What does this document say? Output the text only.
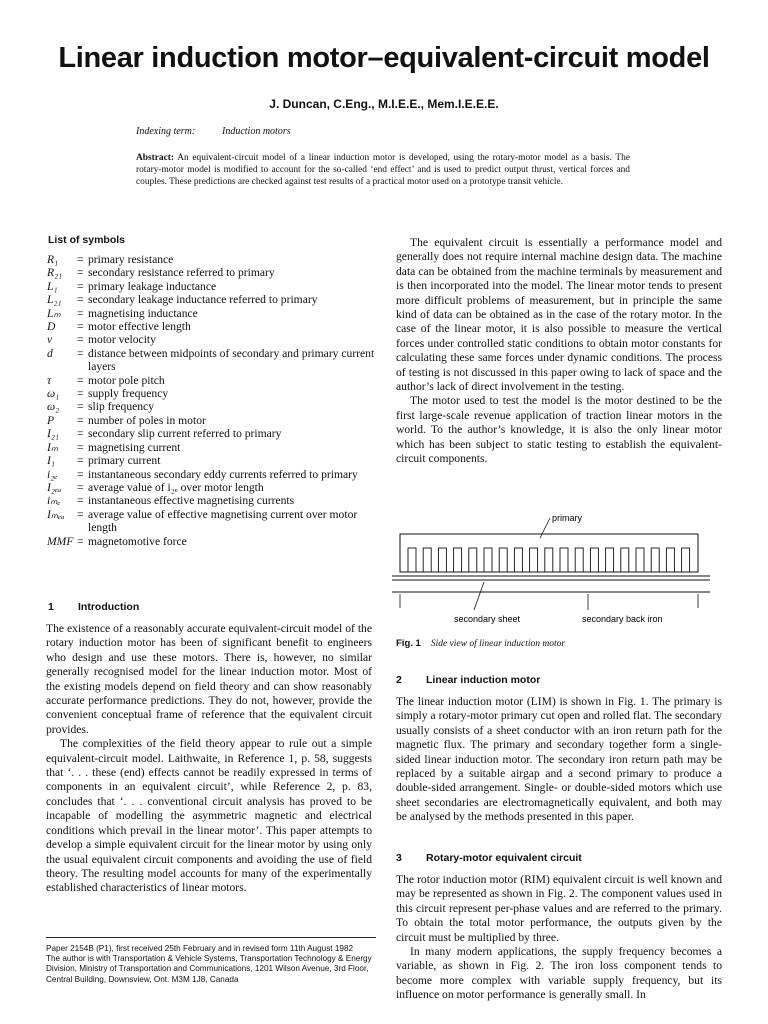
Linear induction motor–equivalent-circuit model
J. Duncan, C.Eng., M.I.E.E., Mem.I.E.E.E.
Indexing term:	Induction motors
Abstract: An equivalent-circuit model of a linear induction motor is developed, using the rotary-motor model as a basis. The rotary-motor model is modified to account for the so-called ‘end effect’ and is used to predict output thrust, vertical forces and couples. These predictions are checked against test results of a practical motor used on a prototype transit vehicle.
List of symbols
R₁	= primary resistance
R₂₁	= secondary resistance referred to primary
L₁	= primary leakage inductance
L₂₁	= secondary leakage inductance referred to primary
Lₘ	= magnetising inductance
D	= motor effective length
v	= motor velocity
d	= distance between midpoints of secondary and primary current layers
τ	= motor pole pitch
ω₁	= supply frequency
ω₂	= slip frequency
P	= number of poles in motor
I₂₁	= secondary slip current referred to primary
Iₘ	= magnetising current
I₁	= primary current
i₂ₑ	= instantaneous secondary eddy currents referred to primary
I₂ₑₐ	= average value of i₂ₑ over motor length
iₘₑ	= instantaneous effective magnetising currents
Iₘₑₐ	= average value of effective magnetising current over motor length
MMF = magnetomotive force
1 Introduction

The existence of a reasonably accurate equivalent-circuit model of the rotary induction motor has been of significant benefit to engineers who design and use these motors. There is, however, no similar generally recognised model for the linear induction motor. Most of the existing models depend on field theory and can show reasonably accurate performance predictions. They do not, however, provide the convenient conceptual frame of reference that the equivalent circuit provides.

The complexities of the field theory appear to rule out a simple equivalent-circuit model. Laithwaite, in Reference 1, p. 58, suggests that ‘. . . these (end) effects cannot be readily expressed in terms of components in an equivalent circuit’, while Reference 2, p. 83, concludes that ‘. . . conventional circuit analysis has proved to be incapable of modelling the asymmetric magnetic and electrical conditions which prevail in the linear motor’. This paper attempts to develop a simple equivalent circuit for the linear motor by using only the usual equivalent circuit components and avoiding the use of field theory. The resulting model accounts for many of the experimentally established characteristics of linear motors.

Paper 2154B (P1), first received 25th February and in revised form 11th August 1982

The author is with Transportation & Vehicle Systems, Transportation Technology & Energy Division, Ministry of Transportation and Communications, 1201 Wilson Avenue, 3rd Floor, Central Building, Downsview, Ont. M3M 1J8, Canada

The equivalent circuit is essentially a performance model and generally does not require internal machine design data. The machine data can be obtained from the machine terminals by measurement and is then incorporated into the model. The linear motor tends to present more difficult problems of measurement, but in principle the same kind of data can be obtained as in the case of the rotary motor. In the case of the linear motor, it is also possible to measure the vertical forces under controlled static conditions to obtain motor constants for calculating these same forces under dynamic conditions. The process of testing is not discussed in this paper owing to lack of space and the author’s lack of direct involvement in the testing.

The motor used to test the model is the motor destined to be the first large-scale revenue application of traction linear motors in the world. To the author’s knowledge, it is also the only linear motor which has been subject to static testing to establish the equivalent-circuit components.

primary
secondary sheet	secondary back iron
Fig. 1 Side view of linear induction motor
2 Linear induction motor

The linear induction motor (LIM) is shown in Fig. 1. The primary is simply a rotary-motor primary cut open and rolled flat. The secondary usually consists of a sheet conductor with an iron return path for the magnetic flux. The primary and secondary together form a single-sided linear induction motor. The secondary iron return path may be replaced by a suitable airgap and a second primary to produce a double-sided arrangement. Single- or double-sided motors which use sheet secondaries are electromagnetically equivalent, and both may be analysed by the methods presented in this paper.

3 Rotary-motor equivalent circuit

The rotor induction motor (RIM) equivalent circuit is well known and may be represented as shown in Fig. 2. The component values used in this circuit represent per-phase values and are referred to the primary. To obtain the total motor performance, the outputs given by the circuit must be multiplied by three.

In many modern applications, the supply frequency becomes a variable, as shown in Fig. 2. The iron loss component tends to become more complex with variable supply frequency, but its influence on motor performance is generally small. In
